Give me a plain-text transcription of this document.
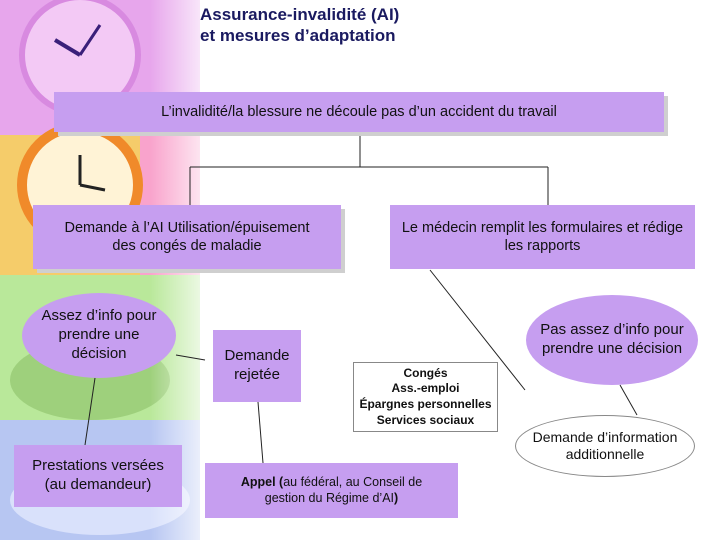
Assurance-invalidité (AI)
et mesures d’adaptation
L’invalidité/la blessure ne découle pas d’un accident du travail
Demande à l’AI Utilisation/épuisement des congés de maladie
Le médecin remplit les formulaires et rédige les rapports
Assez d’info pour prendre une décision	Demande rejetée
Pas assez d’info pour prendre une décision
Congés
Ass.-emploi
Épargnes personnelles
Services sociaux
Prestations versées (au demandeur)	Appel (au fédéral, au Conseil de gestion du Régime d’AI)
Demande d’information additionnelle
